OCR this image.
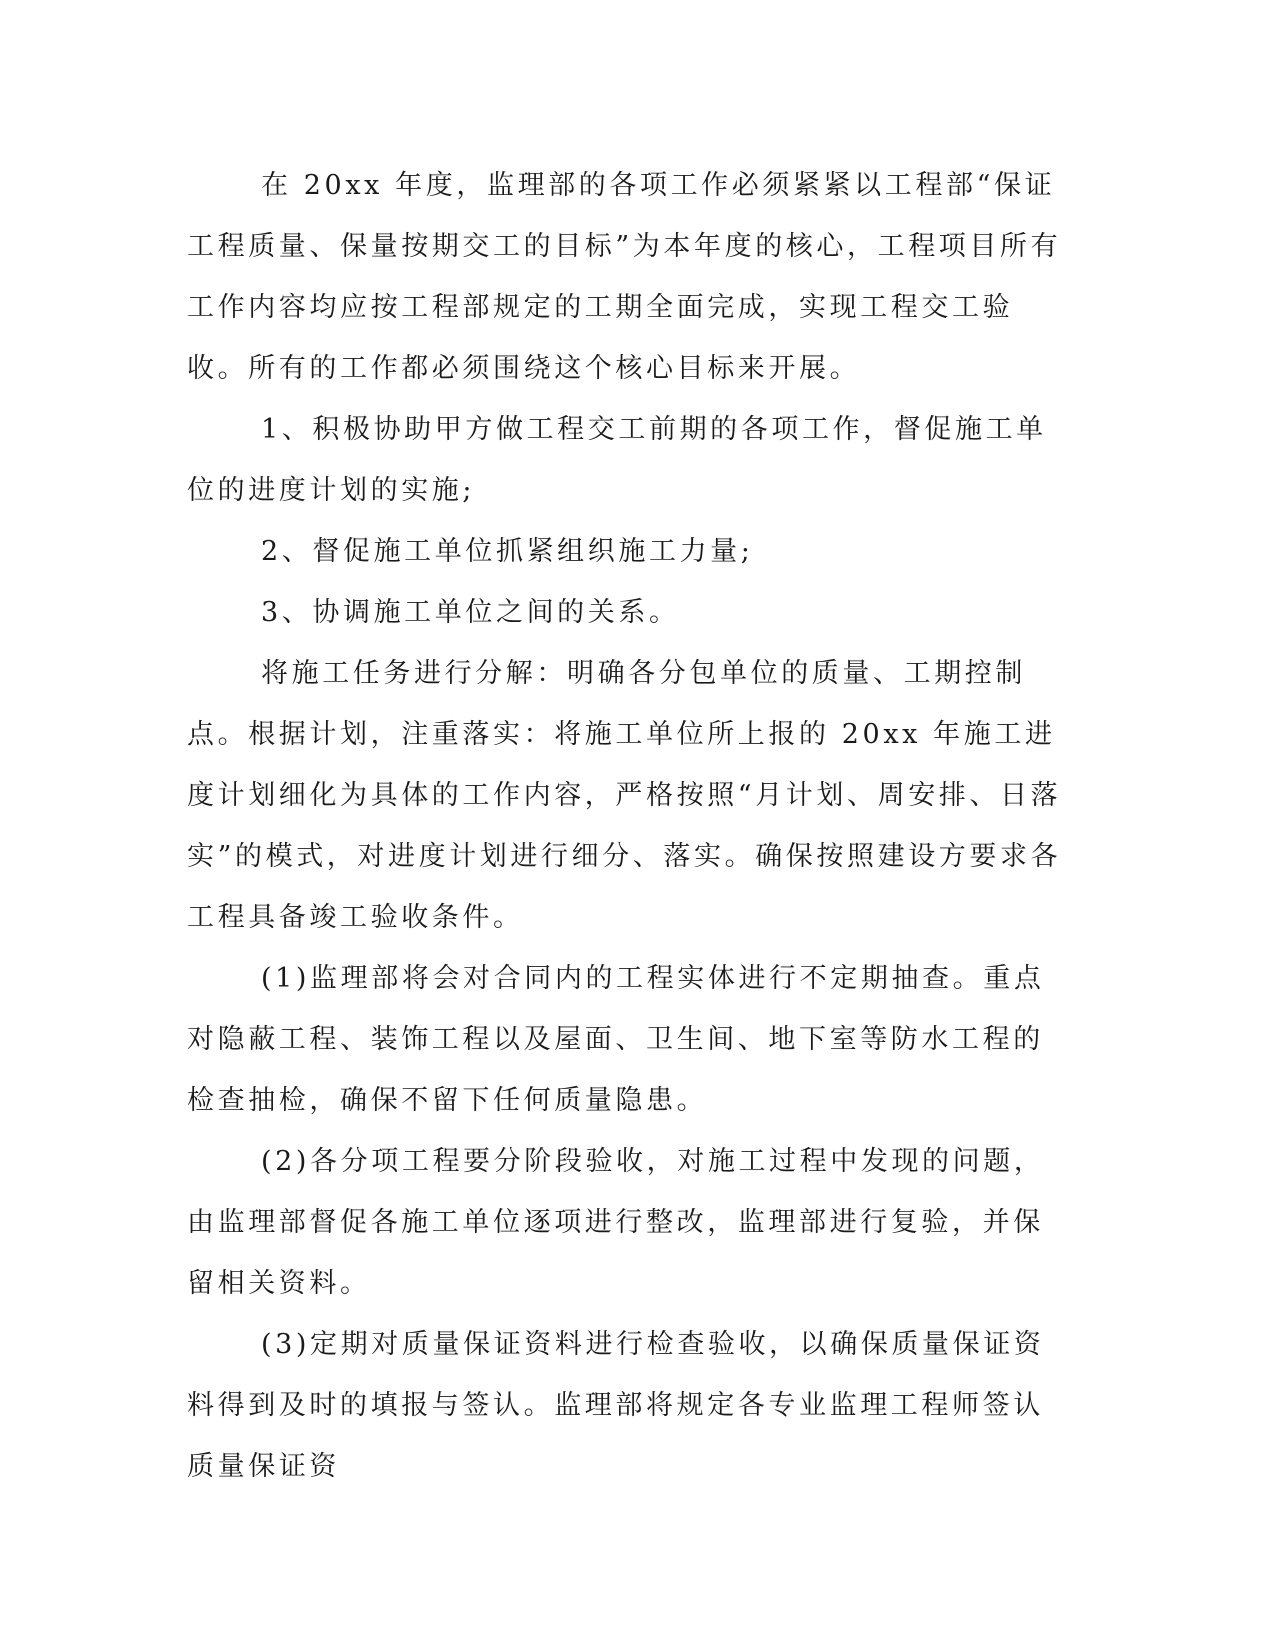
在 20xx 年度，监理部的各项工作必须紧紧以工程部“保证工程质量、保量按期交工的目标”为本年度的核心，工程项目所有工作内容均应按工程部规定的工期全面完成，实现工程交工验收。所有的工作都必须围绕这个核心目标来开展。

1、积极协助甲方做工程交工前期的各项工作，督促施工单位的进度计划的实施;

2、督促施工单位抓紧组织施工力量;

3、协调施工单位之间的关系。

将施工任务进行分解：明确各分包单位的质量、工期控制点。根据计划，注重落实：将施工单位所上报的 20xx 年施工进度计划细化为具体的工作内容，严格按照“月计划、周安排、日落实”的模式，对进度计划进行细分、落实。确保按照建设方要求各工程具备竣工验收条件。

(1)监理部将会对合同内的工程实体进行不定期抽查。重点对隐蔽工程、装饰工程以及屋面、卫生间、地下室等防水工程的检查抽检，确保不留下任何质量隐患。

(2)各分项工程要分阶段验收，对施工过程中发现的问题，由监理部督促各施工单位逐项进行整改，监理部进行复验，并保留相关资料。

(3)定期对质量保证资料进行检查验收，以确保质量保证资料得到及时的填报与签认。监理部将规定各专业监理工程师签认质量保证资
